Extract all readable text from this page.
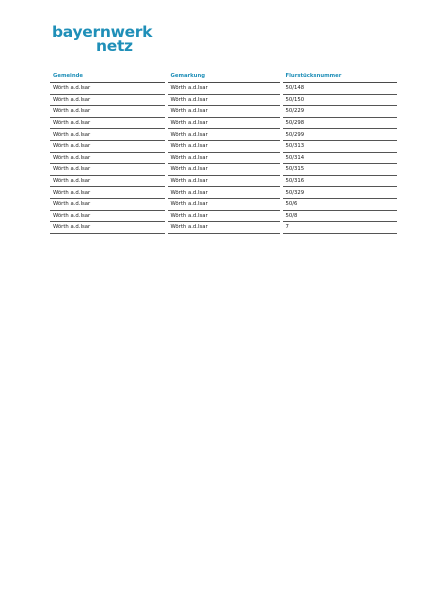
bayernwerk
netz
Gemeinde	Gemarkung	Flurstücksnummer
Wörth a.d.Isar	Wörth a.d.Isar	50/148
Wörth a.d.Isar	Wörth a.d.Isar	50/150
Wörth a.d.Isar	Wörth a.d.Isar	50/229
Wörth a.d.Isar	Wörth a.d.Isar	50/298
Wörth a.d.Isar	Wörth a.d.Isar	50/299
Wörth a.d.Isar	Wörth a.d.Isar	50/313
Wörth a.d.Isar	Wörth a.d.Isar	50/314
Wörth a.d.Isar	Wörth a.d.Isar	50/315
Wörth a.d.Isar	Wörth a.d.Isar	50/316
Wörth a.d.Isar	Wörth a.d.Isar	50/329
Wörth a.d.Isar	Wörth a.d.Isar	50/6
Wörth a.d.Isar	Wörth a.d.Isar	50/8
Wörth a.d.Isar	Wörth a.d.Isar	7
